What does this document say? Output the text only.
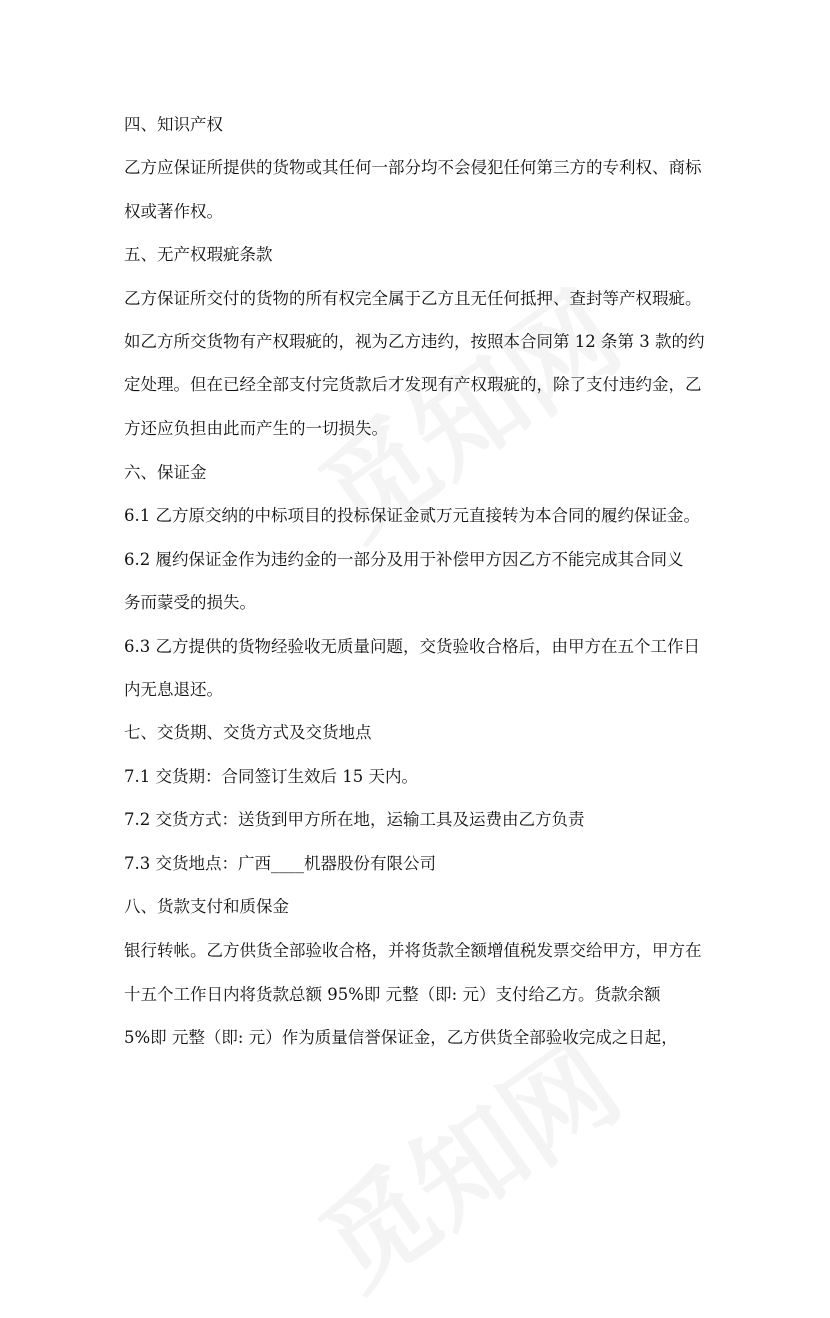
四、知识产权
乙方应保证所提供的货物或其任何一部分均不会侵犯任何第三方的专利权、商标
权或著作权。
五、无产权瑕疵条款
乙方保证所交付的货物的所有权完全属于乙方且无任何抵押、查封等产权瑕疵。
如乙方所交货物有产权瑕疵的，视为乙方违约，按照本合同第 12 条第 3 款的约
定处理。但在已经全部支付完货款后才发现有产权瑕疵的，除了支付违约金，乙
方还应负担由此而产生的一切损失。
六、保证金
6.1 乙方原交纳的中标项目的投标保证金贰万元直接转为本合同的履约保证金。
6.2 履约保证金作为违约金的一部分及用于补偿甲方因乙方不能完成其合同义
务而蒙受的损失。
6.3 乙方提供的货物经验收无质量问题，交货验收合格后，由甲方在五个工作日
内无息退还。
七、交货期、交货方式及交货地点
7.1 交货期：合同签订生效后 15 天内。
7.2 交货方式：送货到甲方所在地，运输工具及运费由乙方负责
7.3 交货地点：广西____机器股份有限公司
八、货款支付和质保金
银行转帐。乙方供货全部验收合格，并将货款全额增值税发票交给甲方，甲方在
十五个工作日内将货款总额 95%即 元整（即: 元）支付给乙方。货款余额
5%即 元整（即: 元）作为质量信誉保证金，乙方供货全部验收完成之日起，
